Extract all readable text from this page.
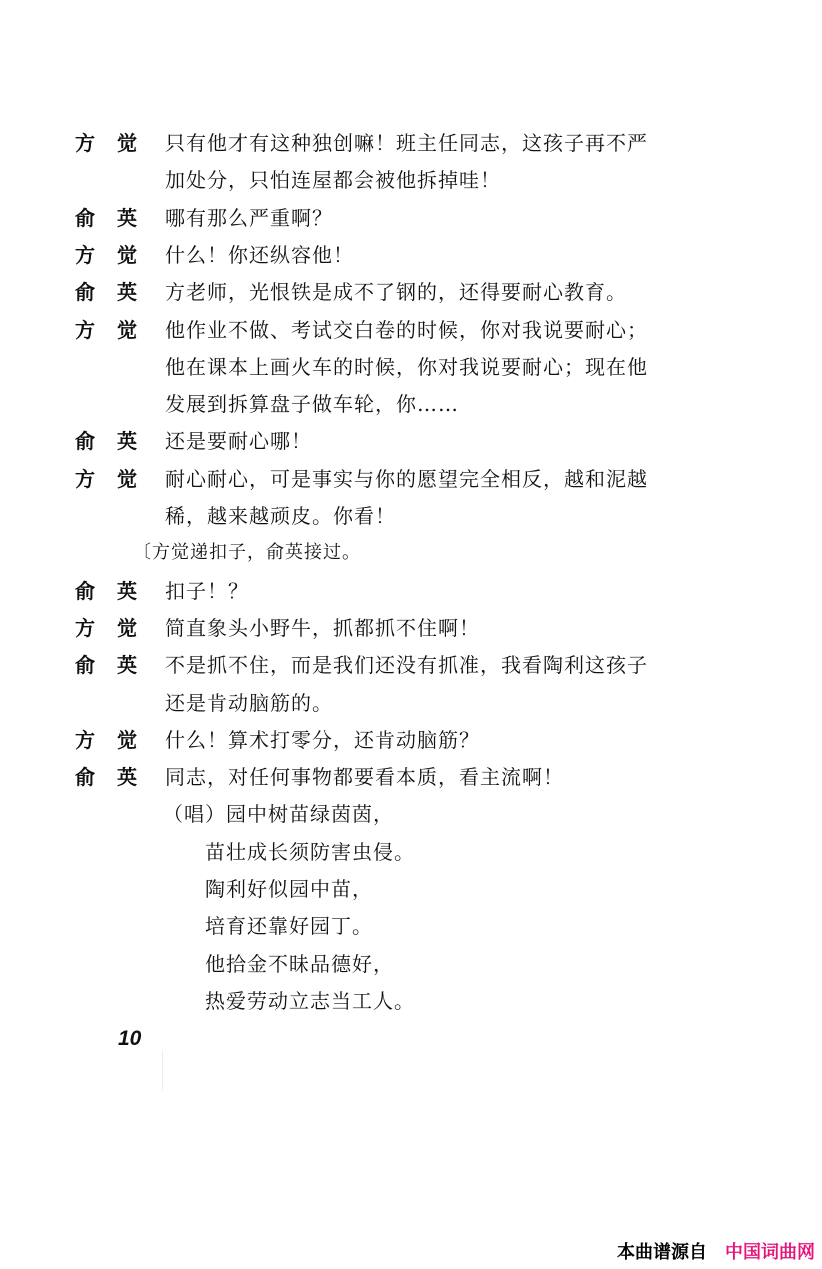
方觉 只有他才有这种独创嘛！班主任同志，这孩子再不严
加处分，只怕连屋都会被他拆掉哇！
俞英 哪有那么严重啊？
方觉 什么！你还纵容他！
俞英 方老师，光恨铁是成不了钢的，还得要耐心教育。
方觉 他作业不做、考试交白卷的时候，你对我说要耐心；
他在课本上画火车的时候，你对我说要耐心；现在他
发展到拆算盘子做车轮，你……
俞英 还是要耐心哪！
方觉 耐心耐心，可是事实与你的愿望完全相反，越和泥越
稀，越来越顽皮。你看！
〔方觉递扣子，俞英接过。
俞英 扣子！？
方觉 简直象头小野牛，抓都抓不住啊！
俞英 不是抓不住，而是我们还没有抓准，我看陶利这孩子
还是肯动脑筋的。
方觉 什么！算术打零分，还肯动脑筋？
俞英 同志，对任何事物都要看本质，看主流啊！
（唱）园中树苗绿茵茵，
苗壮成长须防害虫侵。
陶利好似园中苗，
培育还靠好园丁。
他拾金不昧品德好，
热爱劳动立志当工人。
10
本曲谱源自 中国词曲网
